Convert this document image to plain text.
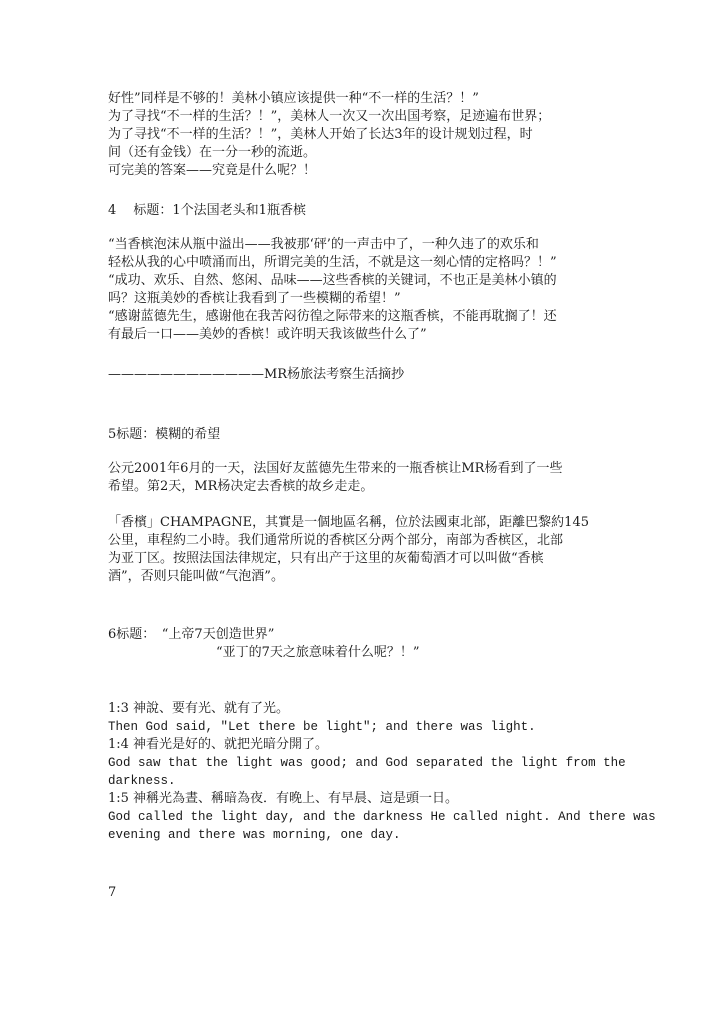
好性”同样是不够的！美林小镇应该提供一种“不一样的生活？！”
为了寻找“不一样的生活？！”，美林人一次又一次出国考察，足迹遍布世界；
为了寻找“不一样的生活？！”，美林人开始了长达3年的设计规划过程，时
间（还有金钱）在一分一秒的流逝。
可完美的答案——究竟是什么呢？！
4　 标题：1个法国老头和1瓶香槟
“当香槟泡沫从瓶中溢出——我被那‘砰’的一声击中了，一种久违了的欢乐和
轻松从我的心中喷涌而出，所谓完美的生活，不就是这一刻心情的定格吗？！”
“成功、欢乐、自然、悠闲、品味——这些香槟的关键词，不也正是美林小镇的
吗？这瓶美妙的香槟让我看到了一些模糊的希望！”
“感谢蓝德先生，感谢他在我苦闷彷徨之际带来的这瓶香槟，不能再耽搁了！还
有最后一口——美妙的香槟！或许明天我该做些什么了”
————————————MR杨旅法考察生活摘抄
5标题：模糊的希望
公元2001年6月的一天，法国好友蓝德先生带来的一瓶香槟让MR杨看到了一些
希望。第2天，MR杨决定去香槟的故乡走走。
「香檳」CHAMPAGNE，其實是一個地區名稱，位於法國東北部，距離巴黎約145
公里，車程約二小時。我们通常所说的香槟区分两个部分，南部为香槟区，北部
为亚丁区。按照法国法律规定，只有出产于这里的灰葡萄酒才可以叫做“香槟
酒”，否则只能叫做“气泡酒”。
6标题：　“上帝7天创造世界”
“亚丁的7天之旅意味着什么呢？！”
1:3 神說、要有光、就有了光。
Then God said, "Let there be light"; and there was light.
1:4 神看光是好的、就把光暗分開了。
God saw that the light was good; and God separated the light from the
darkness.
1:5 神稱光為晝、稱暗為夜．有晚上、有早晨、這是頭一日。
God called the light day, and the darkness He called night. And there was
evening and there was morning, one day.
7
